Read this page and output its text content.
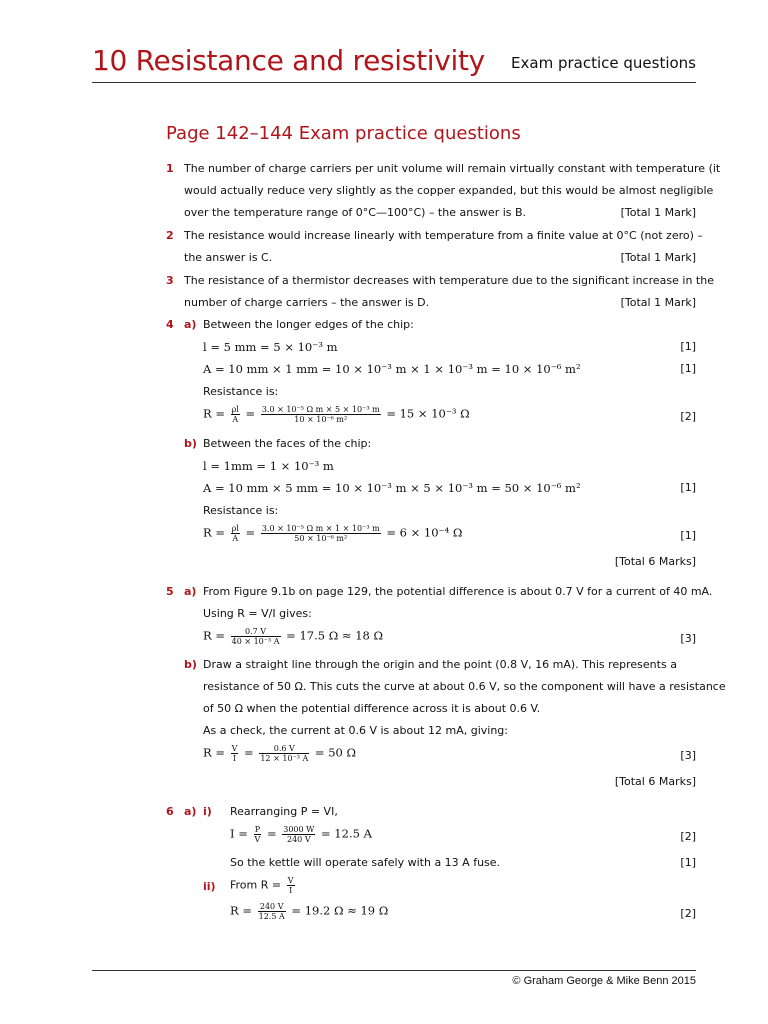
10 Resistance and resistivity Exam practice questions
Page 142–144 Exam practice questions
1 The number of charge carriers per unit volume will remain virtually constant with temperature (it
would actually reduce very slightly as the copper expanded, but this would be almost negligible
over the temperature range of 0°C—100°C) – the answer is B.	[Total 1 Mark]
2 The resistance would increase linearly with temperature from a finite value at 0°C (not zero) –
the answer is C.	[Total 1 Mark]
3 The resistance of a thermistor decreases with temperature due to the significant increase in the
number of charge carriers – the answer is D.	[Total 1 Mark]
4 a) Between the longer edges of the chip:
l = 5 mm = 5 × 10⁻³ m	[1]
A = 10 mm × 1 mm = 10 × 10⁻³ m × 1 × 10⁻³ m = 10 × 10⁻⁶ m²	[1]
Resistance is:
$R = \frac{\rho l}{A} = \frac{\text{3.0 × 10⁻⁵ Ω m × 5 × 10⁻³ m}}{\text{10 × 10⁻⁶ m²}} = 15 \times 10^{-3}$ Ω	[2]
b) Between the faces of the chip:
l = 1mm = 1 × 10⁻³ m
A = 10 mm × 5 mm = 10 × 10⁻³ m × 5 × 10⁻³ m = 50 × 10⁻⁶ m²	[1]
Resistance is:
$R = \frac{\rho l}{A} = \frac{\text{3.0 × 10⁻⁵ Ω m × 1 × 10⁻³ m}}{\text{50 × 10⁻⁶ m²}} = 6 \times 10^{-4}$ Ω	[1]
[Total 6 Marks]
5 a) From Figure 9.1b on page 129, the potential difference is about 0.7 V for a current of 40 mA.
Using R = V/I gives:
$R = \frac{0.7 V}{\text{40 × 10⁻³ A}} = 17.5$ Ω ≈ 18 Ω	[3]
b) Draw a straight line through the origin and the point (0.8 V, 16 mA). This represents a
resistance of 50 Ω. This cuts the curve at about 0.6 V, so the component will have a resistance
of 50 Ω when the potential difference across it is about 0.6 V.
As a check, the current at 0.6 V is about 12 mA, giving:
$R = \frac{V}{I} = \frac{0.6 V}{\text{12 × 10⁻³ A}} = 50$ Ω	[3]
[Total 6 Marks]
6 a) i) Rearranging P = VI,
$I = \frac{P}{V} = \frac{3000 W}{240 V} = 12.5$ A	[2]
So the kettle will operate safely with a 13 A fuse.	[1]
ii) From $R = \frac{V}{I}$
$R = \frac{240 V}{12.5 A} = 19.2$ Ω ≈ 19 Ω	[2]
© Graham George & Mike Benn 2015
